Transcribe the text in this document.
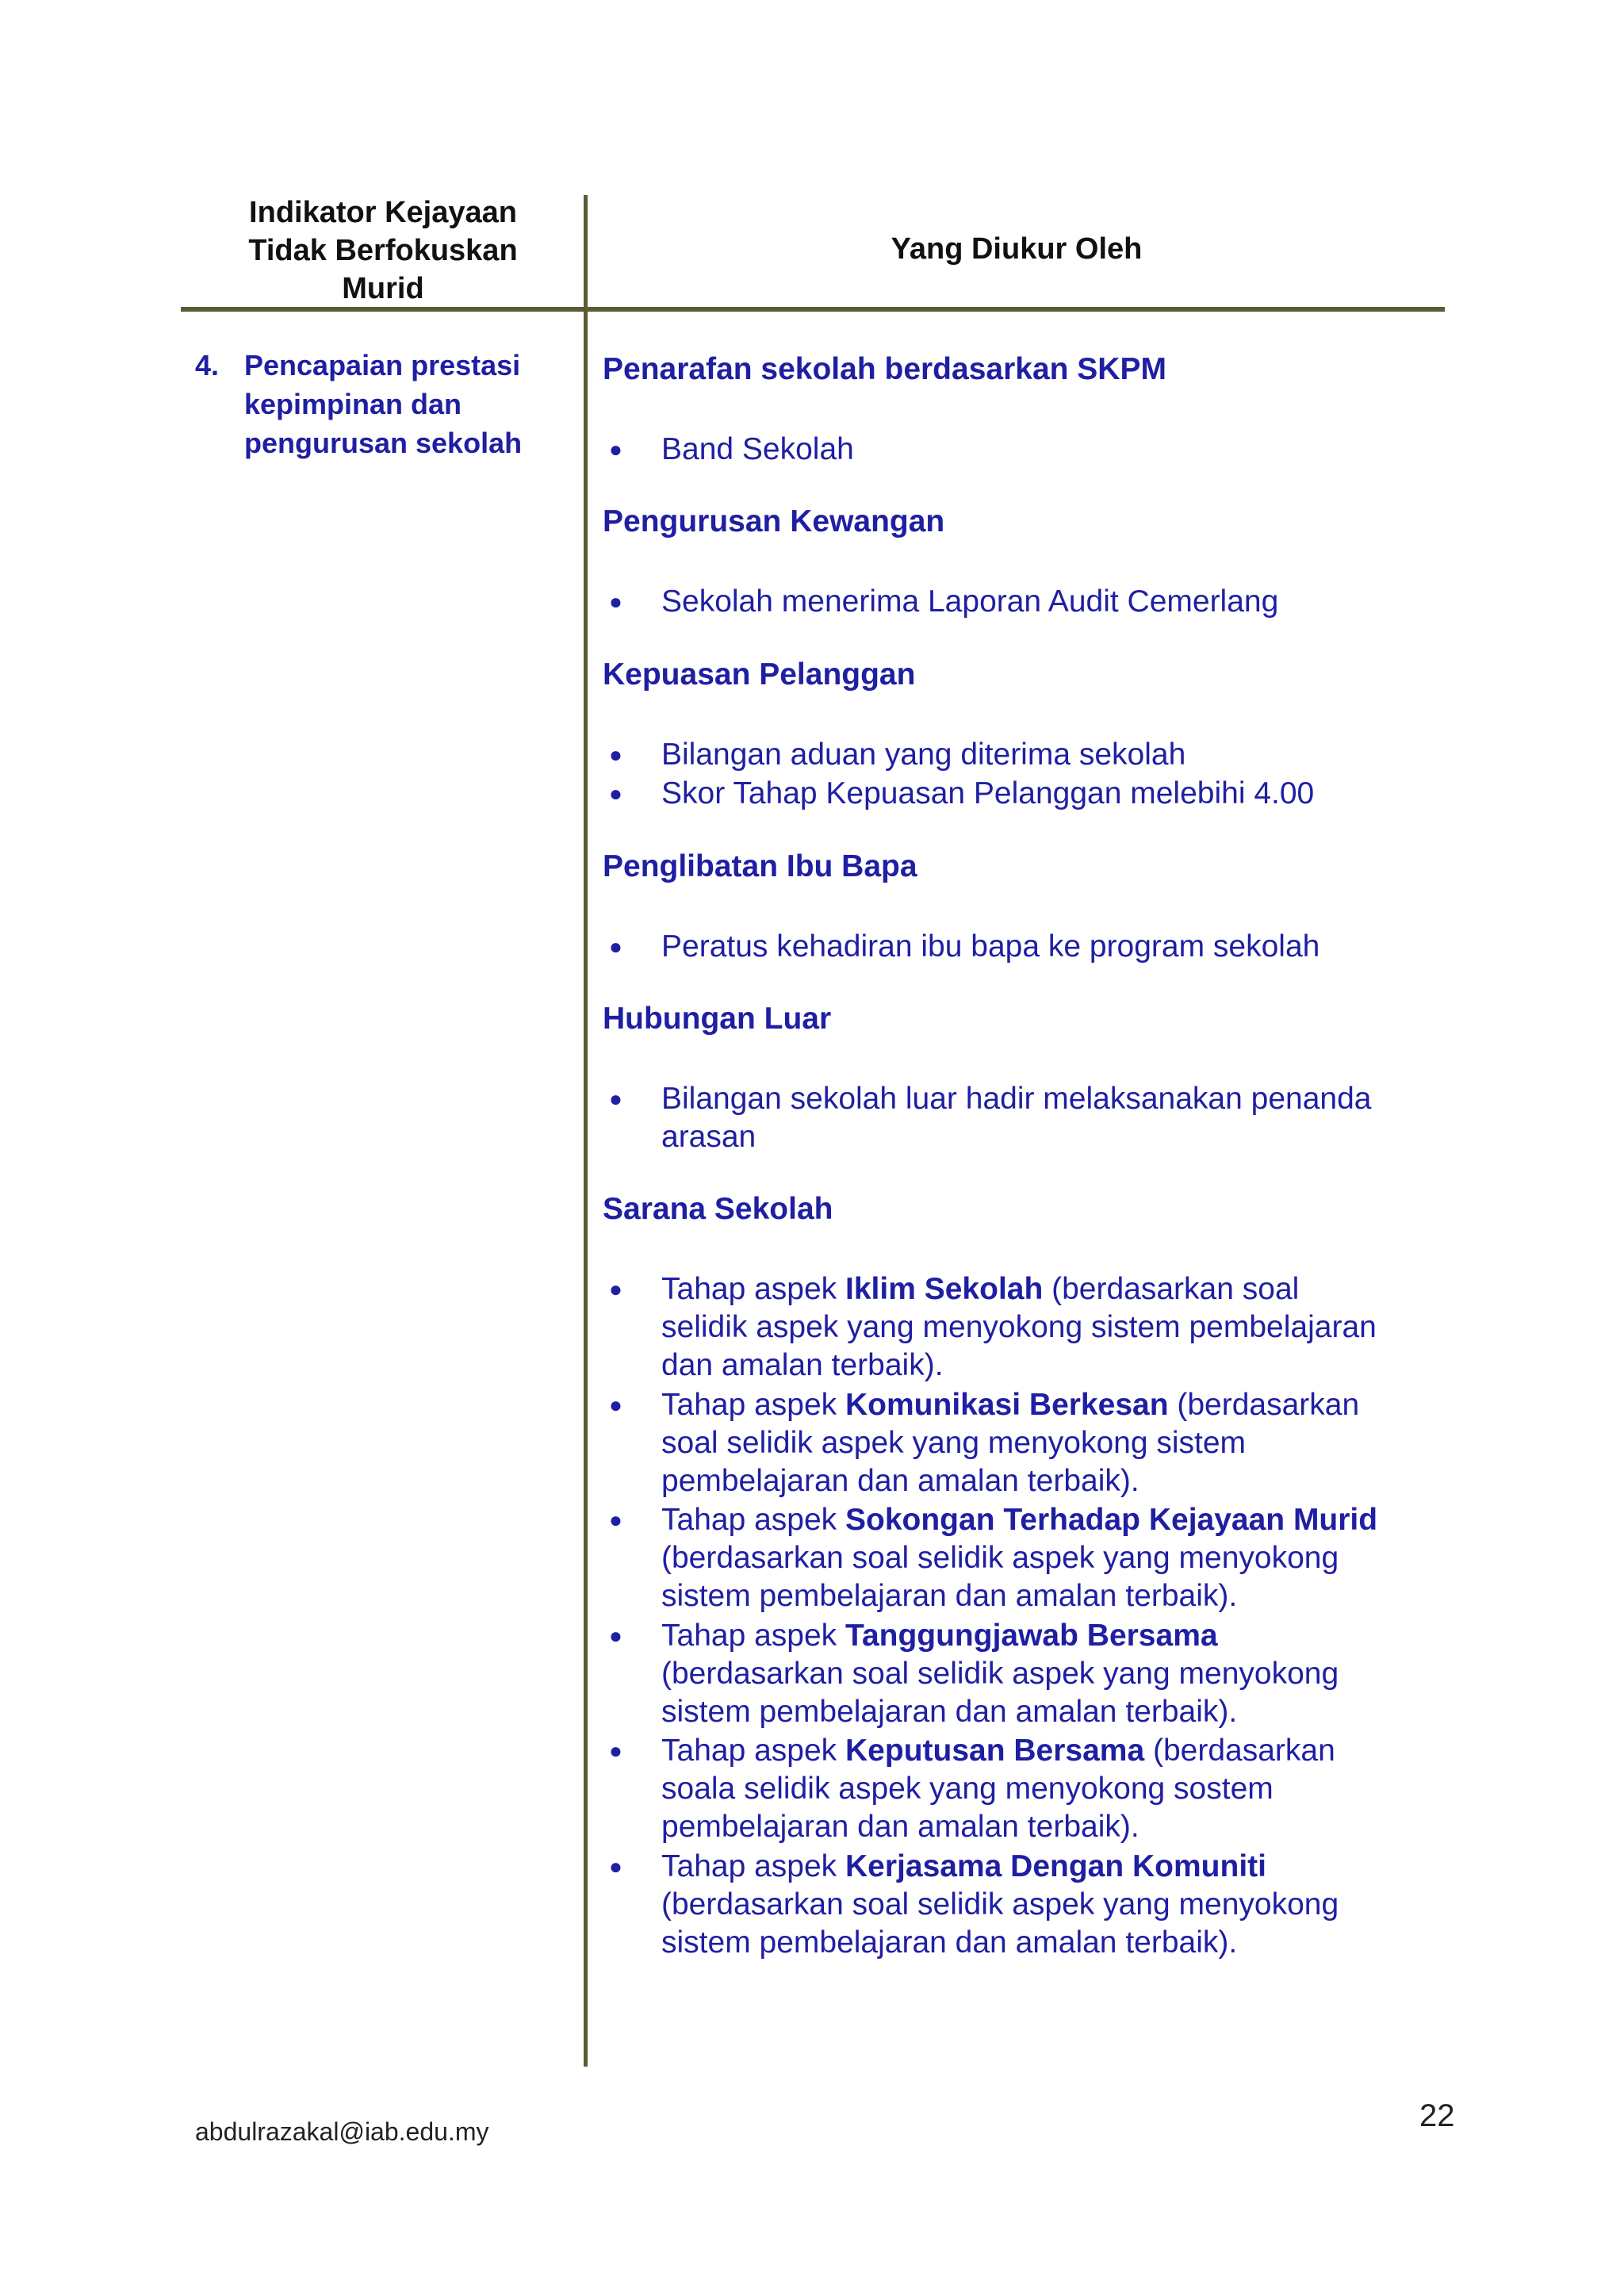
Indikator Kejayaan
Tidak Berfokuskan
Murid
Yang Diukur Oleh
4. Pencapaian prestasi
kepimpinan dan
pengurusan sekolah
Penarafan sekolah berdasarkan SKPM
● Band Sekolah
Pengurusan Kewangan
● Sekolah menerima Laporan Audit Cemerlang
Kepuasan Pelanggan
● Bilangan aduan yang diterima sekolah
● Skor Tahap Kepuasan Pelanggan melebihi 4.00
Penglibatan Ibu Bapa
● Peratus kehadiran ibu bapa ke program sekolah
Hubungan Luar
● Bilangan sekolah luar hadir melaksanakan penanda
arasan
Sarana Sekolah
● Tahap aspek Iklim Sekolah (berdasarkan soal
selidik aspek yang menyokong sistem pembelajaran
dan amalan terbaik).
● Tahap aspek Komunikasi Berkesan (berdasarkan
soal selidik aspek yang menyokong sistem
pembelajaran dan amalan terbaik).
● Tahap aspek Sokongan Terhadap Kejayaan Murid
(berdasarkan soal selidik aspek yang menyokong
sistem pembelajaran dan amalan terbaik).
● Tahap aspek Tanggungjawab Bersama
(berdasarkan soal selidik aspek yang menyokong
sistem pembelajaran dan amalan terbaik).
● Tahap aspek Keputusan Bersama (berdasarkan
soala selidik aspek yang menyokong sostem
pembelajaran dan amalan terbaik).
● Tahap aspek Kerjasama Dengan Komuniti
(berdasarkan soal selidik aspek yang menyokong
sistem pembelajaran dan amalan terbaik).
abdulrazakal@iab.edu.my	22
